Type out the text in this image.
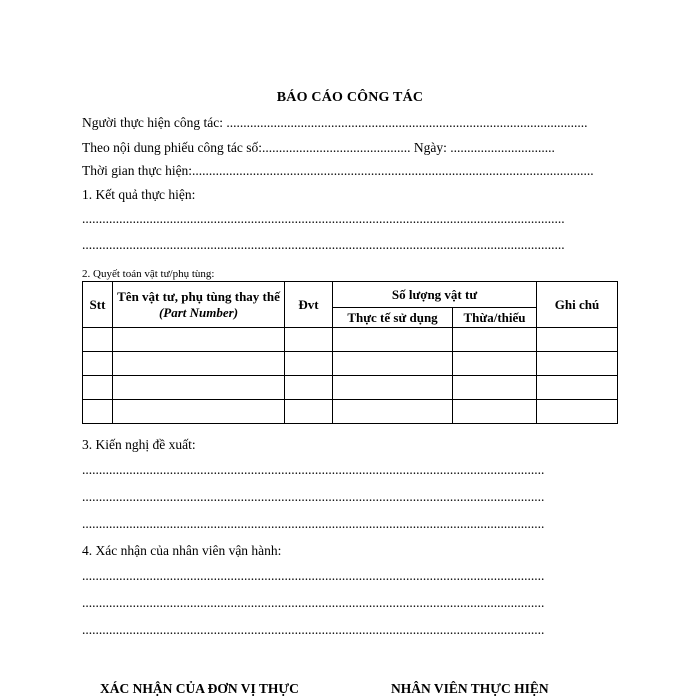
BÁO CÁO CÔNG TÁC
Người thực hiện công tác: ...........................................................................................................
Theo nội dung phiếu công tác số:............................................ Ngày: ...............................
Thời gian thực hiện:.......................................................................................................................
1. Kết quả thực hiện:
...............................................................................................................................................
...............................................................................................................................................
2. Quyết toán vật tư/phụ tùng:
Stt	Tên vật tư, phụ tùng thay thế (Part Number)	Đvt	Số lượng vật tư		Ghi chú
			Thực tế sử dụng	Thừa/thiếu	

3. Kiến nghị đề xuất:
.........................................................................................................................................
.........................................................................................................................................
.........................................................................................................................................
4. Xác nhận của nhân viên vận hành:
.........................................................................................................................................
.........................................................................................................................................
.........................................................................................................................................
XÁC NHẬN CỦA ĐƠN VỊ THỰC	NHÂN VIÊN THỰC HIỆN
